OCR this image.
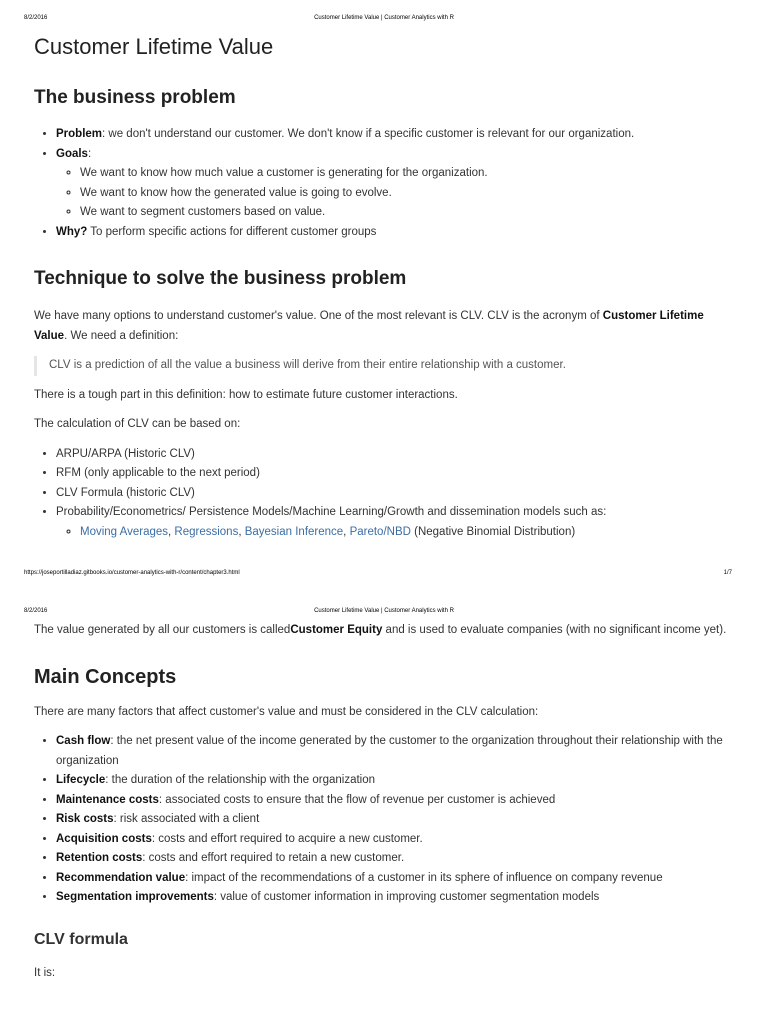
8/2/2016	Customer Lifetime Value | Customer Analytics with R
Customer Lifetime Value
The business problem
• Problem: we don't understand our customer. We don't know if a specific customer is relevant for our organization.
• Goals:
◦ We want to know how much value a customer is generating for the organization.
◦ We want to know how the generated value is going to evolve.
◦ We want to segment customers based on value.
• Why? To perform specific actions for different customer groups
Technique to solve the business problem

We have many options to understand customer's value. One of the most relevant is CLV. CLV is the acronym of Customer Lifetime Value. We need a definition:

CLV is a prediction of all the value a business will derive from their entire relationship with a customer.

There is a tough part in this definition: how to estimate future customer interactions.

The calculation of CLV can be based on:

• ARPU/ARPA (Historic CLV)
• RFM (only applicable to the next period)
• CLV Formula (historic CLV)
• Probability/Econometrics/ Persistence Models/Machine Learning/Growth and dissemination models such as:
◦ Moving Averages, Regressions, Bayesian Inference, Pareto/NBD (Negative Binomial Distribution)
https://joseportilladiaz.gitbooks.io/customer-analytics-with-r/content/chapter3.html	1/7
8/2/2016	Customer Lifetime Value | Customer Analytics with R

The value generated by all our customers is calledCustomer Equity and is used to evaluate companies (with no significant income yet).

Main Concepts

There are many factors that affect customer's value and must be considered in the CLV calculation:

• Cash flow: the net present value of the income generated by the customer to the organization throughout their relationship with the organization
• Lifecycle: the duration of the relationship with the organization
• Maintenance costs: associated costs to ensure that the flow of revenue per customer is achieved
• Risk costs: risk associated with a client
• Acquisition costs: costs and effort required to acquire a new customer.
• Retention costs: costs and effort required to retain a new customer.
• Recommendation value: impact of the recommendations of a customer in its sphere of influence on company revenue
• Segmentation improvements: value of customer information in improving customer segmentation models
CLV formula

It is:
